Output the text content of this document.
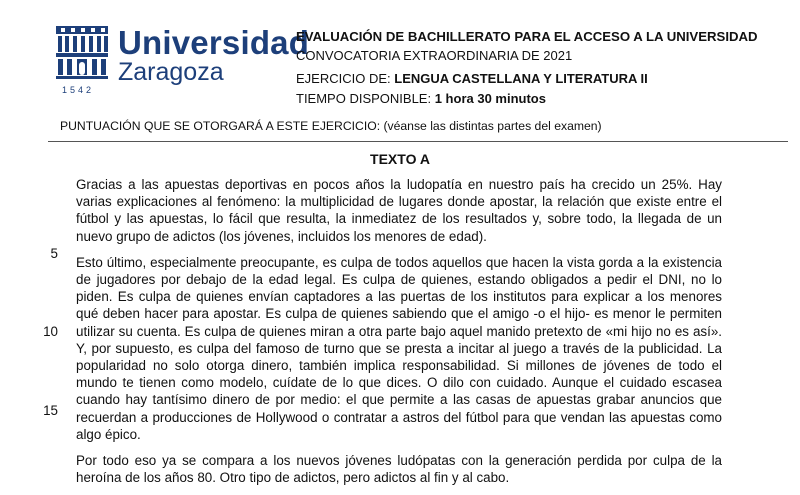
Universidad
Zaragoza
1542
EVALUACIÓN DE BACHILLERATO PARA EL ACCESO A LA UNIVERSIDAD
CONVOCATORIA EXTRAORDINARIA DE 2021
EJERCICIO DE: LENGUA CASTELLANA Y LITERATURA II
TIEMPO DISPONIBLE: 1 hora 30 minutos
PUNTUACIÓN QUE SE OTORGARÁ A ESTE EJERCICIO: (véanse las distintas partes del examen)
TEXTO A
5
10
15

Gracias a las apuestas deportivas en pocos años la ludopatía en nuestro país ha crecido un 25%. Hay
varias explicaciones al fenómeno: la multiplicidad de lugares donde apostar, la relación que existe entre el
fútbol y las apuestas, lo fácil que resulta, la inmediatez de los resultados y, sobre todo, la llegada de un
nuevo grupo de adictos (los jóvenes, incluidos los menores de edad).

Esto último, especialmente preocupante, es culpa de todos aquellos que hacen la vista gorda a la existencia
de jugadores por debajo de la edad legal. Es culpa de quienes, estando obligados a pedir el DNI, no lo
piden. Es culpa de quienes envían captadores a las puertas de los institutos para explicar a los menores
qué deben hacer para apostar. Es culpa de quienes sabiendo que el amigo -o el hijo- es menor le permiten
utilizar su cuenta. Es culpa de quienes miran a otra parte bajo aquel manido pretexto de «mi hijo no es así».
Y, por supuesto, es culpa del famoso de turno que se presta a incitar al juego a través de la publicidad. La
popularidad no solo otorga dinero, también implica responsabilidad. Si millones de jóvenes de todo el
mundo te tienen como modelo, cuídate de lo que dices. O dilo con cuidado. Aunque el cuidado escasea
cuando hay tantísimo dinero de por medio: el que permite a las casas de apuestas grabar anuncios que
recuerdan a producciones de Hollywood o contratar a astros del fútbol para que vendan las apuestas como
algo épico.

Por todo eso ya se compara a los nuevos jóvenes ludópatas con la generación perdida por culpa de la
heroína de los años 80. Otro tipo de adictos, pero adictos al fin y al cabo.
